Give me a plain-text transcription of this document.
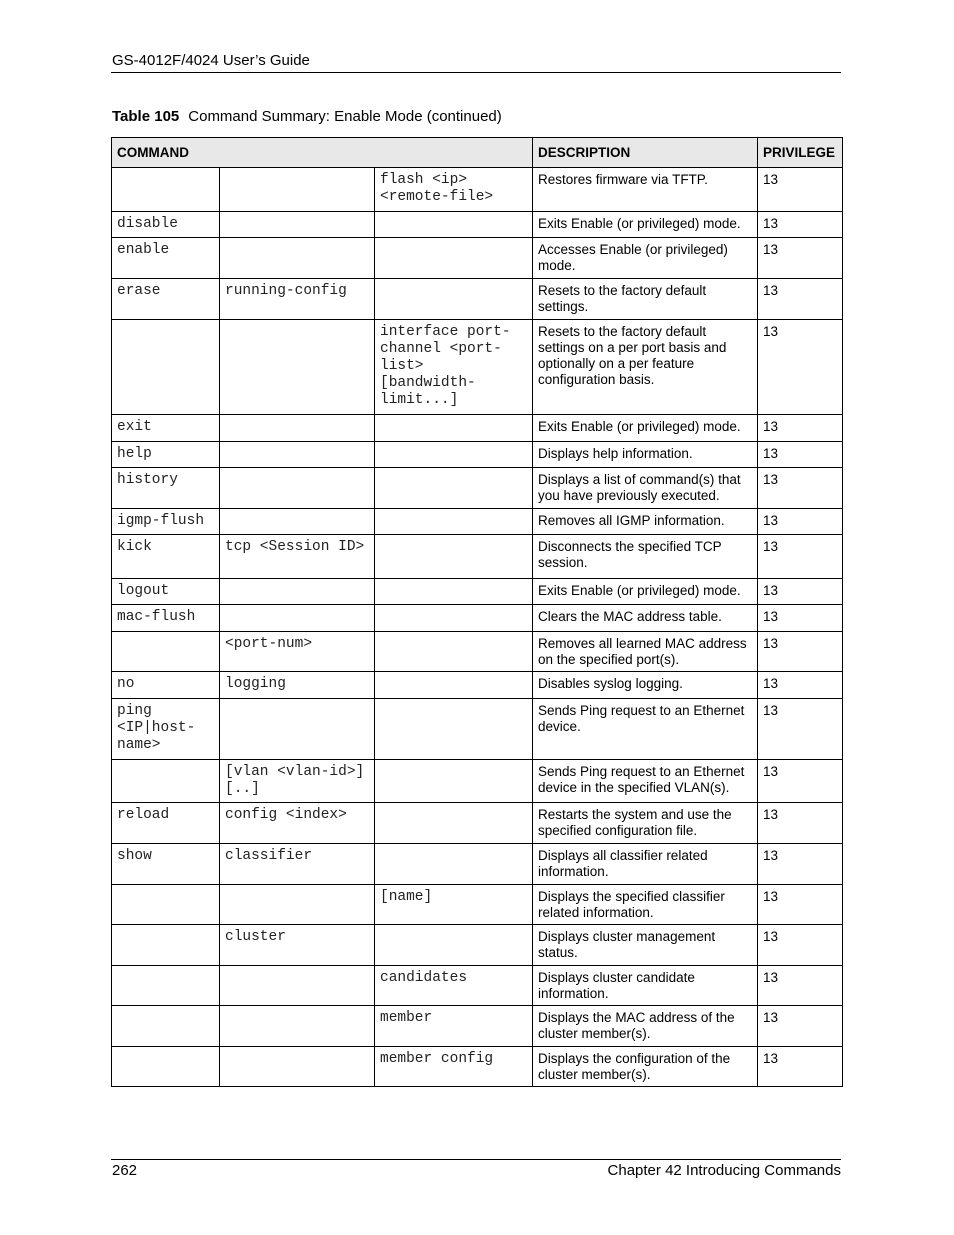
GS-4012F/4024 User’s Guide
Table 105 Command Summary: Enable Mode (continued)
COMMAND			DESCRIPTION	PRIVILEGE
		flash <ip> <remote-file>	Restores firmware via TFTP.	13
disable			Exits Enable (or privileged) mode.	13
enable			Accesses Enable (or privileged) mode.	13
erase	running-config		Resets to the factory default settings.	13
		interface port-channel <port-list> [bandwidth-limit...]	Resets to the factory default settings on a per port basis and optionally on a per feature configuration basis.	13
exit			Exits Enable (or privileged) mode.	13
help			Displays help information.	13
history			Displays a list of command(s) that you have previously executed.	13
igmp-flush			Removes all IGMP information.	13
kick	tcp <Session ID>		Disconnects the specified TCP session.	13
logout			Exits Enable (or privileged) mode.	13
mac-flush			Clears the MAC address table.	13
	<port-num>		Removes all learned MAC address on the specified port(s).	13
no	logging		Disables syslog logging.	13
ping <IP|host-name>			Sends Ping request to an Ethernet device.	13
	[vlan <vlan-id>][..]		Sends Ping request to an Ethernet device in the specified VLAN(s).	13
reload	config <index>		Restarts the system and use the specified configuration file.	13
show	classifier		Displays all classifier related information.	13
		[name]	Displays the specified classifier related information.	13
	cluster		Displays cluster management status.	13
		candidates	Displays cluster candidate information.	13
		member	Displays the MAC address of the cluster member(s).	13
		member config	Displays the configuration of the cluster member(s).	13
262	Chapter 42 Introducing Commands
